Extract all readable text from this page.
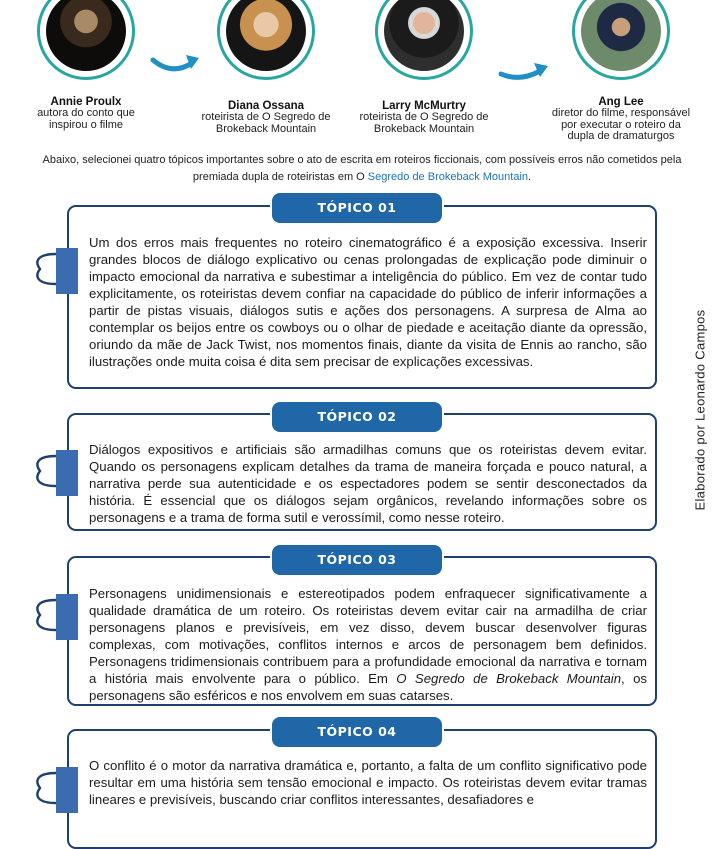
Annie Proulx
autora do conto que
inspirou o filme
Diana Ossana
roteirista de O Segredo de
Brokeback Mountain
Larry McMurtry
roteirista de O Segredo de
Brokeback Mountain
Ang Lee
diretor do filme, responsável
por executar o roteiro da
dupla de dramaturgos
Abaixo, selecionei quatro tópicos importantes sobre o ato de escrita em roteiros ficcionais, com possíveis erros não cometidos pela premiada dupla de roteiristas em O Segredo de Brokeback Mountain.
TÓPICO 01
Um dos erros mais frequentes no roteiro cinematográfico é a exposição excessiva. Inserir grandes blocos de diálogo explicativo ou cenas prolongadas de explicação pode diminuir o impacto emocional da narrativa e subestimar a inteligência do público. Em vez de contar tudo explicitamente, os roteiristas devem confiar na capacidade do público de inferir informações a partir de pistas visuais, diálogos sutis e ações dos personagens. A surpresa de Alma ao contemplar os beijos entre os cowboys ou o olhar de piedade e aceitação diante da opressão, oriundo da mãe de Jack Twist, nos momentos finais, diante da visita de Ennis ao rancho, são ilustrações onde muita coisa é dita sem precisar de explicações excessivas.
TÓPICO 02
Diálogos expositivos e artificiais são armadilhas comuns que os roteiristas devem evitar. Quando os personagens explicam detalhes da trama de maneira forçada e pouco natural, a narrativa perde sua autenticidade e os espectadores podem se sentir desconectados da história. É essencial que os diálogos sejam orgânicos, revelando informações sobre os personagens e a trama de forma sutil e verossímil, como nesse roteiro.
TÓPICO 03
Personagens unidimensionais e estereotipados podem enfraquecer significativamente a qualidade dramática de um roteiro. Os roteiristas devem evitar cair na armadilha de criar personagens planos e previsíveis, em vez disso, devem buscar desenvolver figuras complexas, com motivações, conflitos internos e arcos de personagem bem definidos. Personagens tridimensionais contribuem para a profundidade emocional da narrativa e tornam a história mais envolvente para o público. Em O Segredo de Brokeback Mountain, os personagens são esféricos e nos envolvem em suas catarses.
TÓPICO 04
O conflito é o motor da narrativa dramática e, portanto, a falta de um conflito significativo pode resultar em uma história sem tensão emocional e impacto. Os roteiristas devem evitar tramas lineares e previsíveis, buscando criar conflitos interessantes, desafiadores e
Elaborado por Leonardo Campos
